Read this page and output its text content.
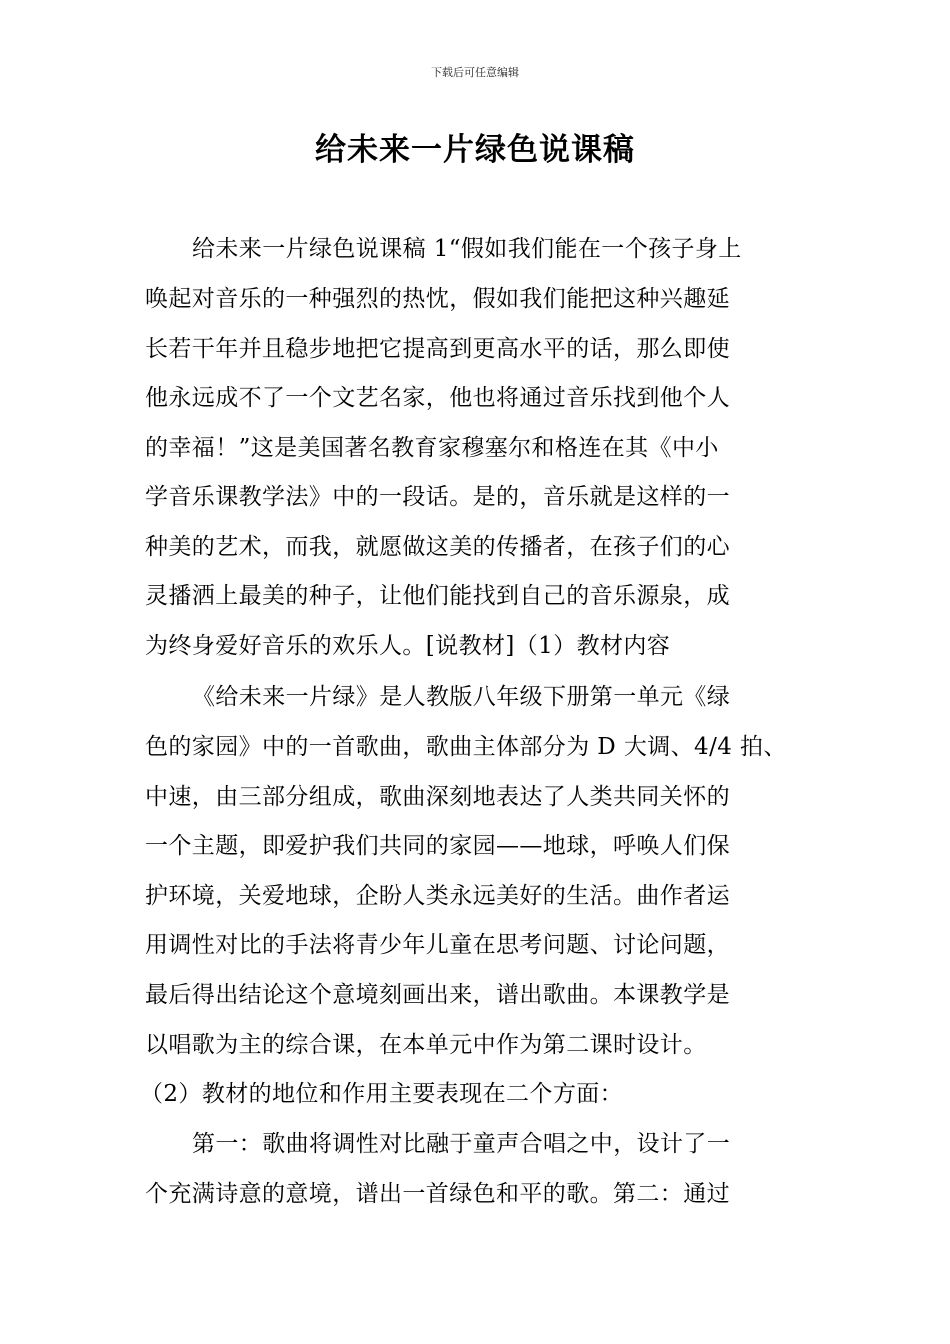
下载后可任意编辑
给未来一片绿色说课稿
给未来一片绿色说课稿 1“假如我们能在一个孩子身上
唤起对音乐的一种强烈的热忱，假如我们能把这种兴趣延
长若干年并且稳步地把它提高到更高水平的话，那么即使
他永远成不了一个文艺名家，他也将通过音乐找到他个人
的幸福！”这是美国著名教育家穆塞尔和格连在其《中小
学音乐课教学法》中的一段话。是的，音乐就是这样的一
种美的艺术，而我，就愿做这美的传播者，在孩子们的心
灵播洒上最美的种子，让他们能找到自己的音乐源泉，成
为终身爱好音乐的欢乐人。[说教材]（1）教材内容
《给未来一片绿》是人教版八年级下册第一单元《绿
色的家园》中的一首歌曲，歌曲主体部分为 D 大调、4/4 拍、
中速，由三部分组成，歌曲深刻地表达了人类共同关怀的
一个主题，即爱护我们共同的家园——地球，呼唤人们保
护环境，关爱地球，企盼人类永远美好的生活。曲作者运
用调性对比的手法将青少年儿童在思考问题、讨论问题，
最后得出结论这个意境刻画出来，谱出歌曲。本课教学是
以唱歌为主的综合课，在本单元中作为第二课时设计。
（2）教材的地位和作用主要表现在二个方面：
第一：歌曲将调性对比融于童声合唱之中，设计了一
个充满诗意的意境，谱出一首绿色和平的歌。第二：通过
